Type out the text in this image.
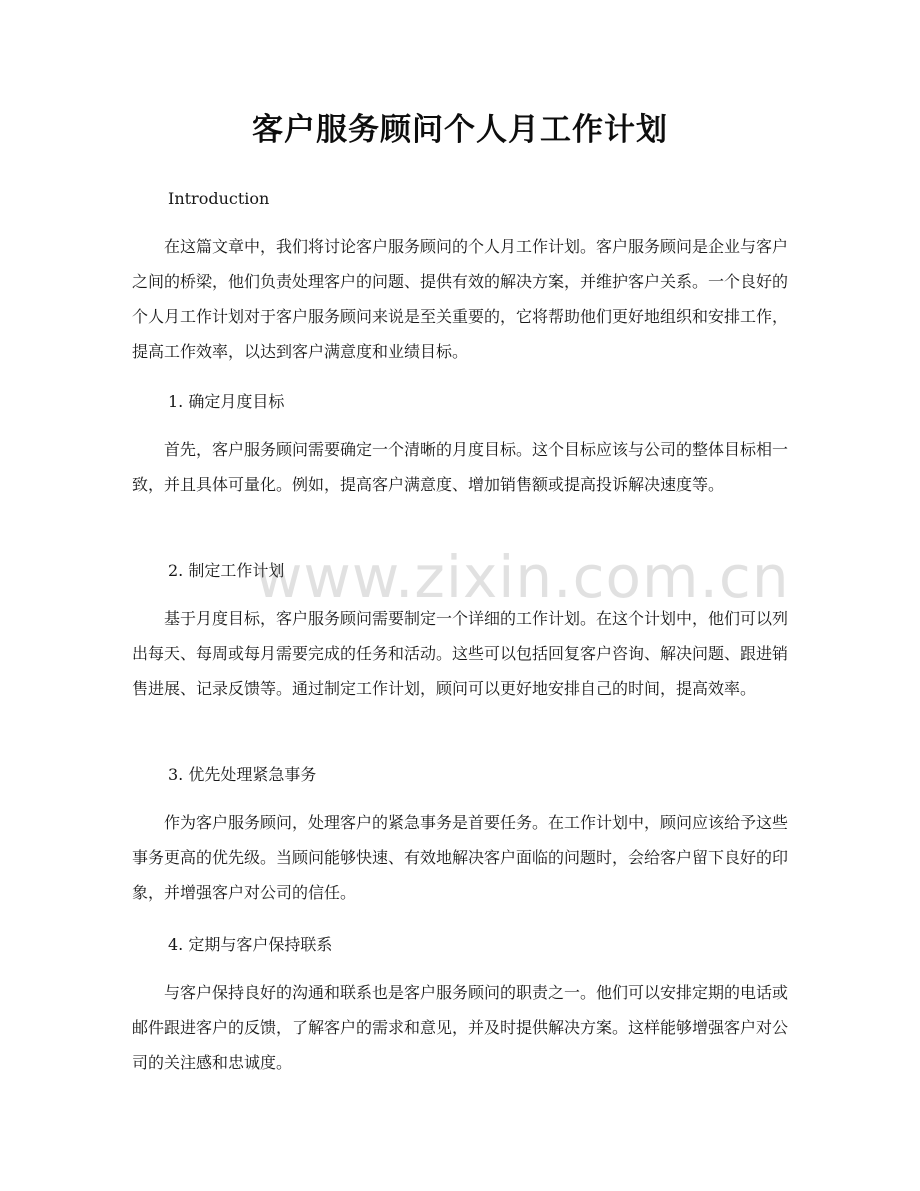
客户服务顾问个人月工作计划
Introduction
在这篇文章中，我们将讨论客户服务顾问的个人月工作计划。客户服务顾问是企业与客户之间的桥梁，他们负责处理客户的问题、提供有效的解决方案，并维护客户关系。一个良好的个人月工作计划对于客户服务顾问来说是至关重要的，它将帮助他们更好地组织和安排工作，提高工作效率，以达到客户满意度和业绩目标。
1. 确定月度目标
首先，客户服务顾问需要确定一个清晰的月度目标。这个目标应该与公司的整体目标相一致，并且具体可量化。例如，提高客户满意度、增加销售额或提高投诉解决速度等。
2. 制定工作计划
基于月度目标，客户服务顾问需要制定一个详细的工作计划。在这个计划中，他们可以列出每天、每周或每月需要完成的任务和活动。这些可以包括回复客户咨询、解决问题、跟进销售进展、记录反馈等。通过制定工作计划，顾问可以更好地安排自己的时间，提高效率。
3. 优先处理紧急事务
作为客户服务顾问，处理客户的紧急事务是首要任务。在工作计划中，顾问应该给予这些事务更高的优先级。当顾问能够快速、有效地解决客户面临的问题时，会给客户留下良好的印象，并增强客户对公司的信任。
4. 定期与客户保持联系
与客户保持良好的沟通和联系也是客户服务顾问的职责之一。他们可以安排定期的电话或邮件跟进客户的反馈，了解客户的需求和意见，并及时提供解决方案。这样能够增强客户对公司的关注感和忠诚度。
www.zixin.com.cn
